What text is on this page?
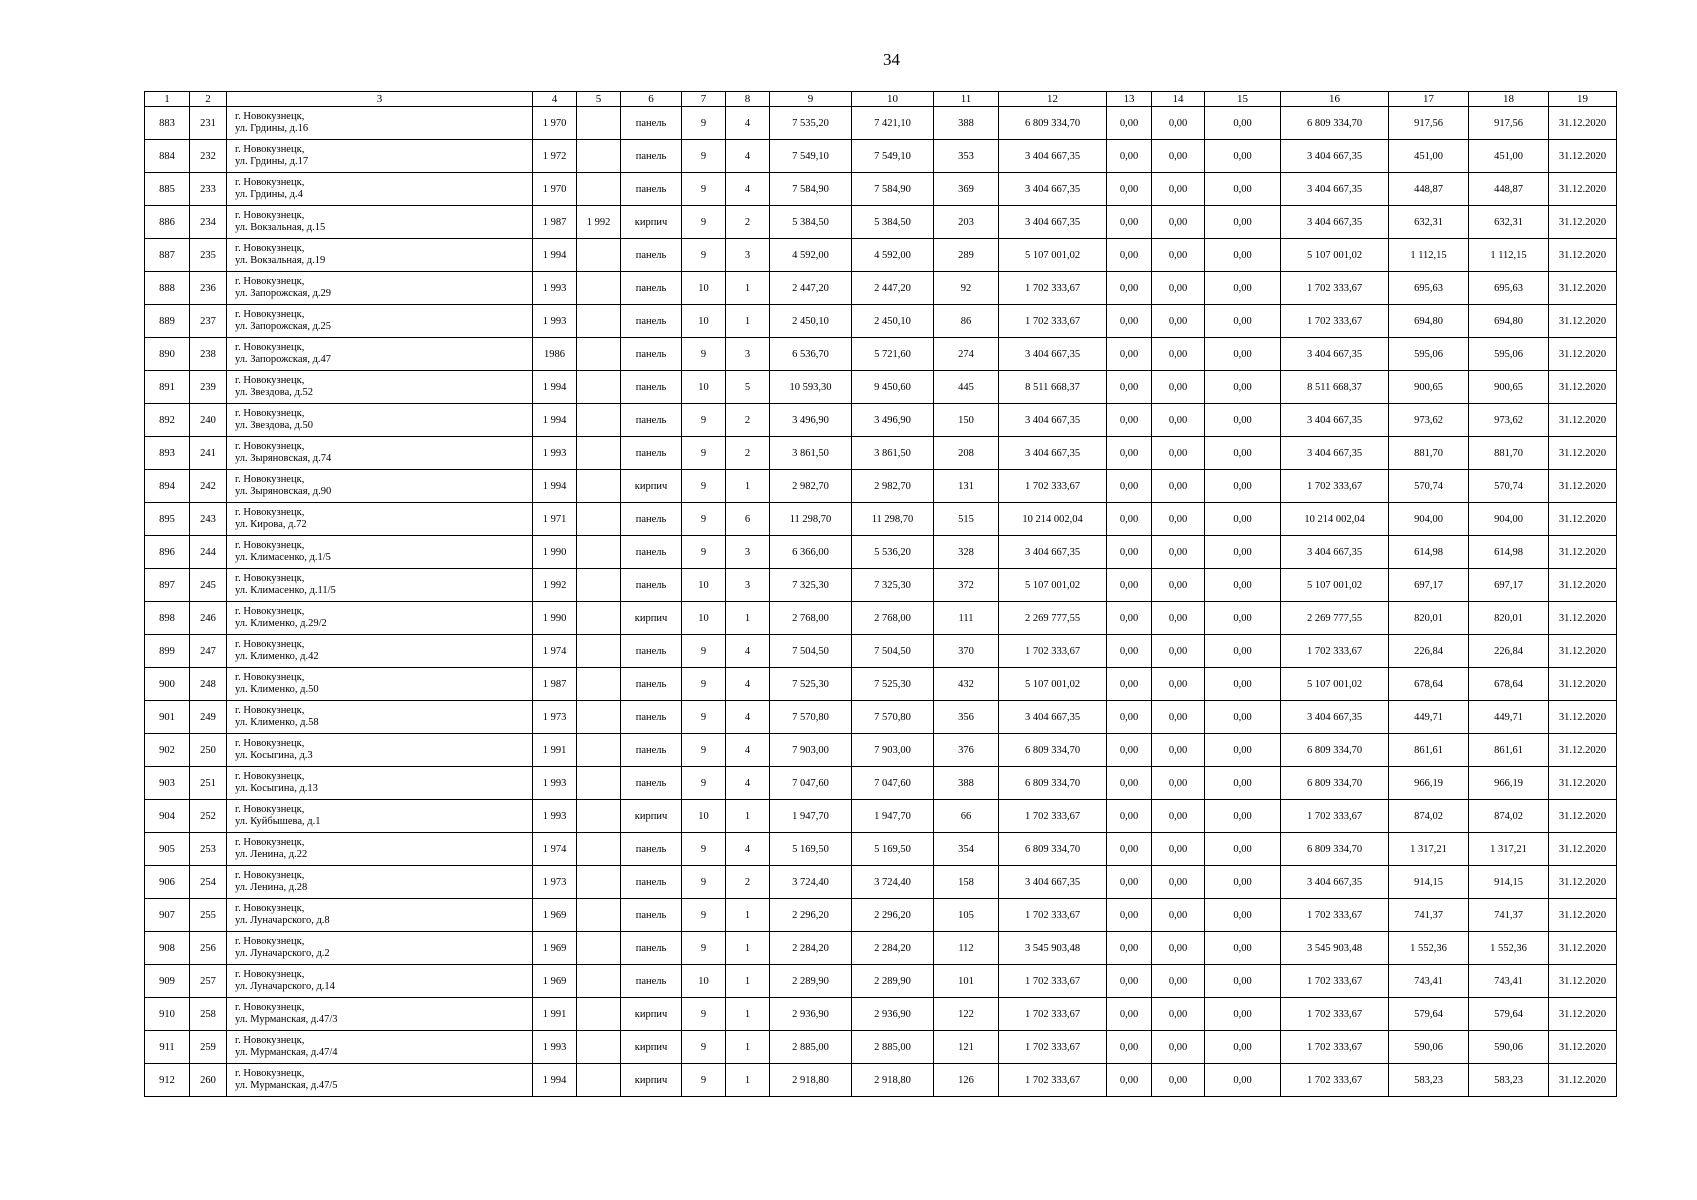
34
1	2	3	4	5	6	7	8	9	10	11	12	13	14	15	16	17	18	19
883	231	г. Новокузнецк,
ул. Грдины, д.16	1 970		панель	9	4	7 535,20	7 421,10	388	6 809 334,70	0,00	0,00	0,00	6 809 334,70	917,56	917,56	31.12.2020
884	232	г. Новокузнецк,
ул. Грдины, д.17	1 972		панель	9	4	7 549,10	7 549,10	353	3 404 667,35	0,00	0,00	0,00	3 404 667,35	451,00	451,00	31.12.2020
885	233	г. Новокузнецк,
ул. Грдины, д.4	1 970		панель	9	4	7 584,90	7 584,90	369	3 404 667,35	0,00	0,00	0,00	3 404 667,35	448,87	448,87	31.12.2020
886	234	г. Новокузнецк,
ул. Вокзальная, д.15	1 987	1 992	кирпич	9	2	5 384,50	5 384,50	203	3 404 667,35	0,00	0,00	0,00	3 404 667,35	632,31	632,31	31.12.2020
887	235	г. Новокузнецк,
ул. Вокзальная, д.19	1 994		панель	9	3	4 592,00	4 592,00	289	5 107 001,02	0,00	0,00	0,00	5 107 001,02	1 112,15	1 112,15	31.12.2020
888	236	г. Новокузнецк,
ул. Запорожская, д.29	1 993		панель	10	1	2 447,20	2 447,20	92	1 702 333,67	0,00	0,00	0,00	1 702 333,67	695,63	695,63	31.12.2020
889	237	г. Новокузнецк,
ул. Запорожская, д.25	1 993		панель	10	1	2 450,10	2 450,10	86	1 702 333,67	0,00	0,00	0,00	1 702 333,67	694,80	694,80	31.12.2020
890	238	г. Новокузнецк,
ул. Запорожская, д.47	1986		панель	9	3	6 536,70	5 721,60	274	3 404 667,35	0,00	0,00	0,00	3 404 667,35	595,06	595,06	31.12.2020
891	239	г. Новокузнецк,
ул. Звездова, д.52	1 994		панель	10	5	10 593,30	9 450,60	445	8 511 668,37	0,00	0,00	0,00	8 511 668,37	900,65	900,65	31.12.2020
892	240	г. Новокузнецк,
ул. Звездова, д.50	1 994		панель	9	2	3 496,90	3 496,90	150	3 404 667,35	0,00	0,00	0,00	3 404 667,35	973,62	973,62	31.12.2020
893	241	г. Новокузнецк,
ул. Зыряновская, д.74	1 993		панель	9	2	3 861,50	3 861,50	208	3 404 667,35	0,00	0,00	0,00	3 404 667,35	881,70	881,70	31.12.2020
894	242	г. Новокузнецк,
ул. Зыряновская, д.90	1 994		кирпич	9	1	2 982,70	2 982,70	131	1 702 333,67	0,00	0,00	0,00	1 702 333,67	570,74	570,74	31.12.2020
895	243	г. Новокузнецк,
ул. Кирова, д.72	1 971		панель	9	6	11 298,70	11 298,70	515	10 214 002,04	0,00	0,00	0,00	10 214 002,04	904,00	904,00	31.12.2020
896	244	г. Новокузнецк,
ул. Климасенко, д.1/5	1 990		панель	9	3	6 366,00	5 536,20	328	3 404 667,35	0,00	0,00	0,00	3 404 667,35	614,98	614,98	31.12.2020
897	245	г. Новокузнецк,
ул. Климасенко, д.11/5	1 992		панель	10	3	7 325,30	7 325,30	372	5 107 001,02	0,00	0,00	0,00	5 107 001,02	697,17	697,17	31.12.2020
898	246	г. Новокузнецк,
ул. Клименко, д.29/2	1 990		кирпич	10	1	2 768,00	2 768,00	111	2 269 777,55	0,00	0,00	0,00	2 269 777,55	820,01	820,01	31.12.2020
899	247	г. Новокузнецк,
ул. Клименко, д.42	1 974		панель	9	4	7 504,50	7 504,50	370	1 702 333,67	0,00	0,00	0,00	1 702 333,67	226,84	226,84	31.12.2020
900	248	г. Новокузнецк,
ул. Клименко, д.50	1 987		панель	9	4	7 525,30	7 525,30	432	5 107 001,02	0,00	0,00	0,00	5 107 001,02	678,64	678,64	31.12.2020
901	249	г. Новокузнецк,
ул. Клименко, д.58	1 973		панель	9	4	7 570,80	7 570,80	356	3 404 667,35	0,00	0,00	0,00	3 404 667,35	449,71	449,71	31.12.2020
902	250	г. Новокузнецк,
ул. Косыгина, д.3	1 991		панель	9	4	7 903,00	7 903,00	376	6 809 334,70	0,00	0,00	0,00	6 809 334,70	861,61	861,61	31.12.2020
903	251	г. Новокузнецк,
ул. Косыгина, д.13	1 993		панель	9	4	7 047,60	7 047,60	388	6 809 334,70	0,00	0,00	0,00	6 809 334,70	966,19	966,19	31.12.2020
904	252	г. Новокузнецк,
ул. Куйбышева, д.1	1 993		кирпич	10	1	1 947,70	1 947,70	66	1 702 333,67	0,00	0,00	0,00	1 702 333,67	874,02	874,02	31.12.2020
905	253	г. Новокузнецк,
ул. Ленина, д.22	1 974		панель	9	4	5 169,50	5 169,50	354	6 809 334,70	0,00	0,00	0,00	6 809 334,70	1 317,21	1 317,21	31.12.2020
906	254	г. Новокузнецк,
ул. Ленина, д.28	1 973		панель	9	2	3 724,40	3 724,40	158	3 404 667,35	0,00	0,00	0,00	3 404 667,35	914,15	914,15	31.12.2020
907	255	г. Новокузнецк,
ул. Луначарского, д.8	1 969		панель	9	1	2 296,20	2 296,20	105	1 702 333,67	0,00	0,00	0,00	1 702 333,67	741,37	741,37	31.12.2020
908	256	г. Новокузнецк,
ул. Луначарского, д.2	1 969		панель	9	1	2 284,20	2 284,20	112	3 545 903,48	0,00	0,00	0,00	3 545 903,48	1 552,36	1 552,36	31.12.2020
909	257	г. Новокузнецк,
ул. Луначарского, д.14	1 969		панель	10	1	2 289,90	2 289,90	101	1 702 333,67	0,00	0,00	0,00	1 702 333,67	743,41	743,41	31.12.2020
910	258	г. Новокузнецк,
ул. Мурманская, д.47/3	1 991		кирпич	9	1	2 936,90	2 936,90	122	1 702 333,67	0,00	0,00	0,00	1 702 333,67	579,64	579,64	31.12.2020
911	259	г. Новокузнецк,
ул. Мурманская, д.47/4	1 993		кирпич	9	1	2 885,00	2 885,00	121	1 702 333,67	0,00	0,00	0,00	1 702 333,67	590,06	590,06	31.12.2020
912	260	г. Новокузнецк,
ул. Мурманская, д.47/5	1 994		кирпич	9	1	2 918,80	2 918,80	126	1 702 333,67	0,00	0,00	0,00	1 702 333,67	583,23	583,23	31.12.2020
